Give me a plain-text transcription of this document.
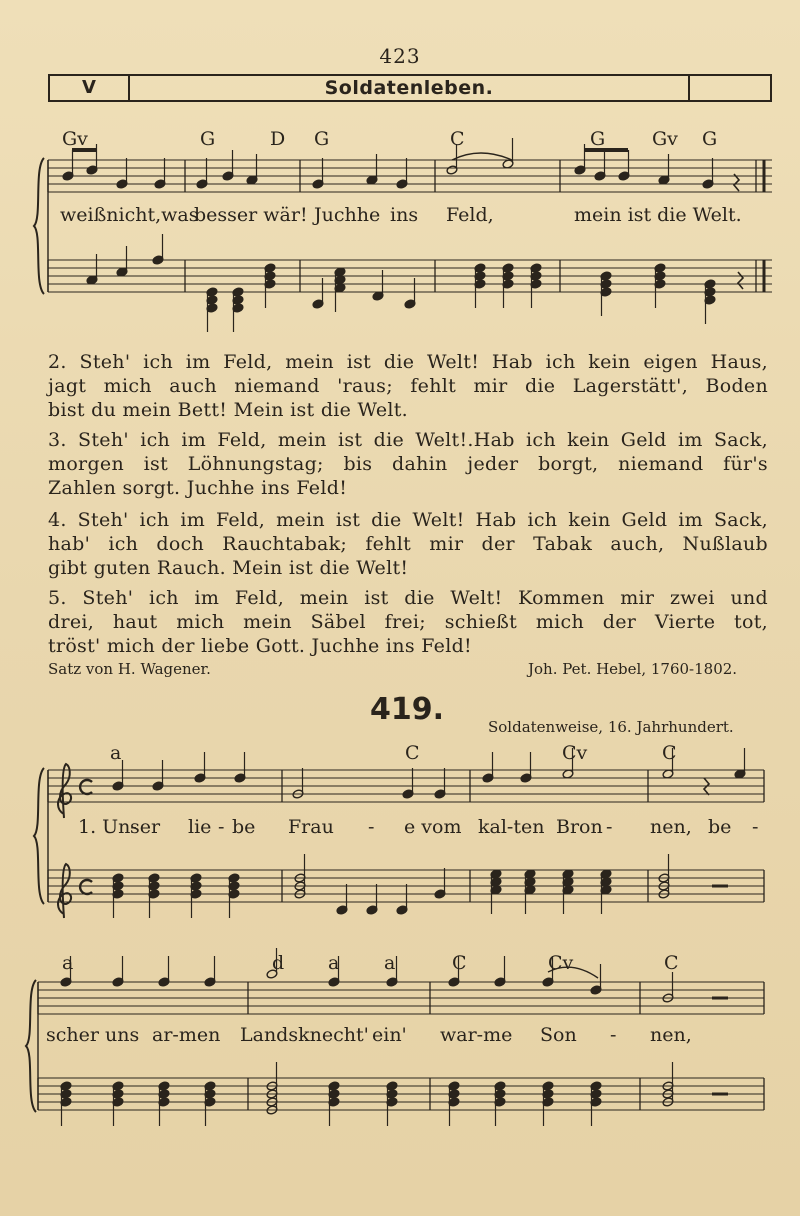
423
V	Soldatenleben.
Gv	G	D G	C	G Gv G
weißnicht,was
besser wär! Juchhe ins Feld,	mein ist die Welt.
2. Steh' ich im Feld, mein ist die Welt! Hab ich kein eigen Haus,
jagt mich auch niemand 'raus; fehlt mir die Lagerstätt', Boden
bist du mein Bett! Mein ist die Welt.
3. Steh' ich im Feld, mein ist die Welt!.Hab ich kein Geld im Sack,
morgen ist Löhnungstag; bis dahin jeder borgt, niemand für's
Zahlen sorgt. Juchhe ins Feld!
4. Steh' ich im Feld, mein ist die Welt! Hab ich kein Geld im Sack,
hab' ich doch Rauchtabak; fehlt mir der Tabak auch, Nußlaub
gibt guten Rauch. Mein ist die Welt!
5. Steh' ich im Feld, mein ist die Welt! Kommen mir zwei und
drei, haut mich mein Säbel frei; schießt mich der Vierte tot,
tröst' mich der liebe Gott. Juchhe ins Feld!
Satz von H. Wagener.	Joh. Pet. Hebel, 1760-1802.
419.	Soldatenweise, 16. Jahrhundert.
a	C	Cv	C
1. Un-
ser lie - be Frau - e vom kal-ten Bron - nen, be -
a	d a a	C	Cv	C
scher uns ar-men Landsknecht' ein' war-me Son - nen,
